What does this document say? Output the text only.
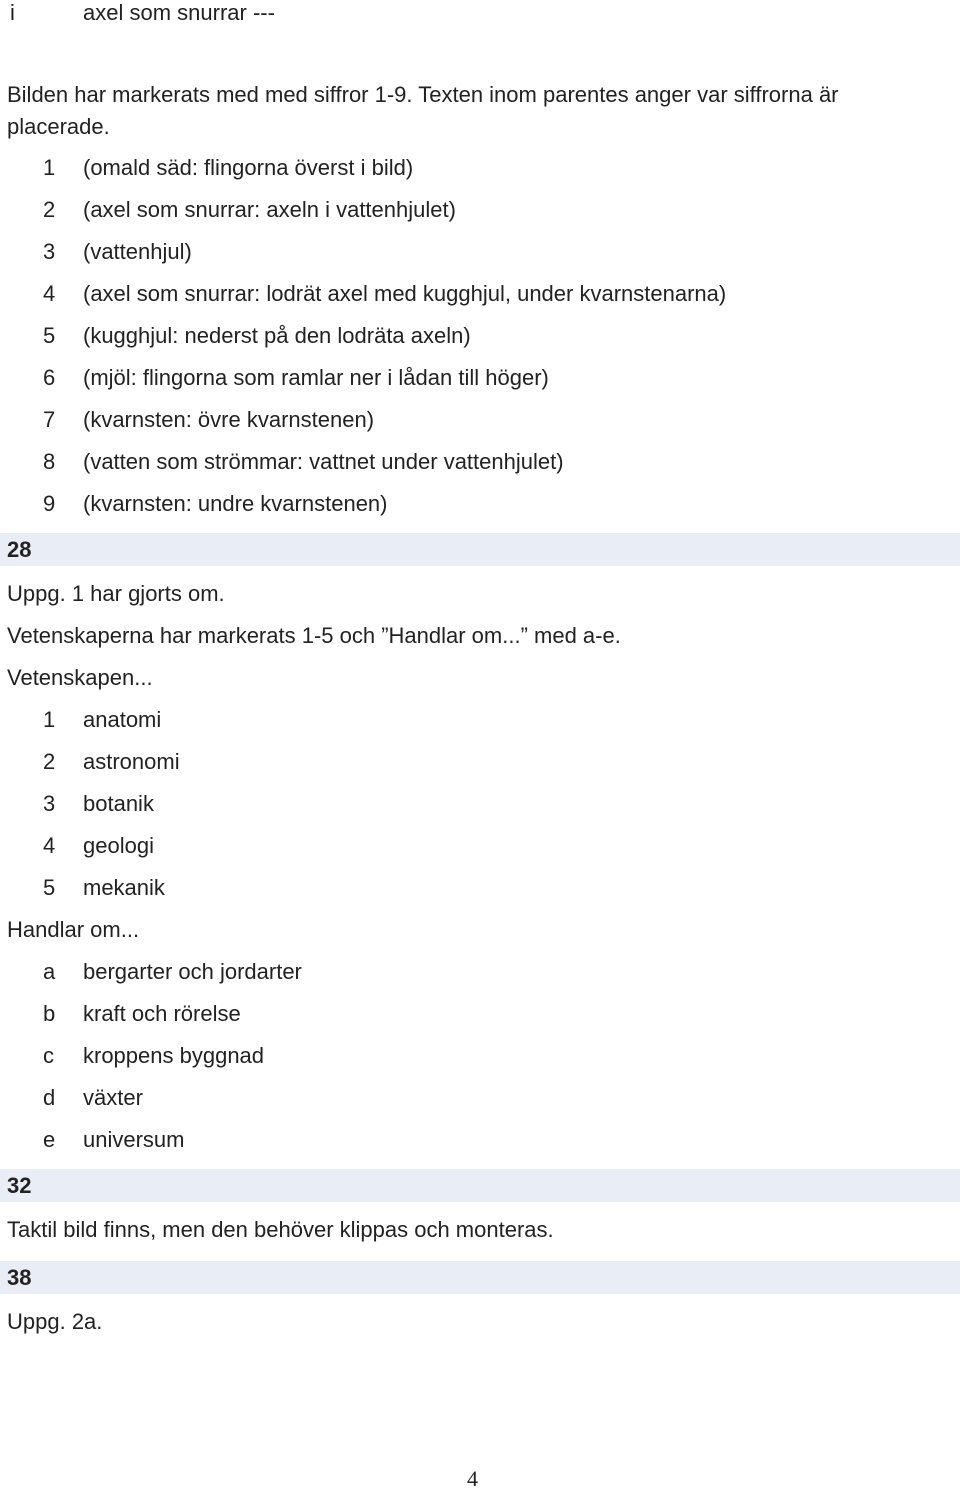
i	axel som snurrar ---
Bilden har markerats med med siffror 1-9. Texten inom parentes anger var siffrorna är placerade.
1	(omald säd: flingorna överst i bild)
2	(axel som snurrar: axeln i vattenhjulet)
3	(vattenhjul)
4	(axel som snurrar: lodrät axel med kugghjul, under kvarnstenarna)
5	(kugghjul: nederst på den lodräta axeln)
6	(mjöl: flingorna som ramlar ner i lådan till höger)
7	(kvarnsten: övre kvarnstenen)
8	(vatten som strömmar: vattnet under vattenhjulet)
9	(kvarnsten: undre kvarnstenen)
28
Uppg. 1 har gjorts om.
Vetenskaperna har markerats 1-5 och ”Handlar om...” med a-e.
Vetenskapen...
1	anatomi
2	astronomi
3	botanik
4	geologi
5	mekanik
Handlar om...
a	bergarter och jordarter
b	kraft och rörelse
c	kroppens byggnad
d	växter
e	universum
32
Taktil bild finns, men den behöver klippas och monteras.
38
Uppg. 2a.
4
